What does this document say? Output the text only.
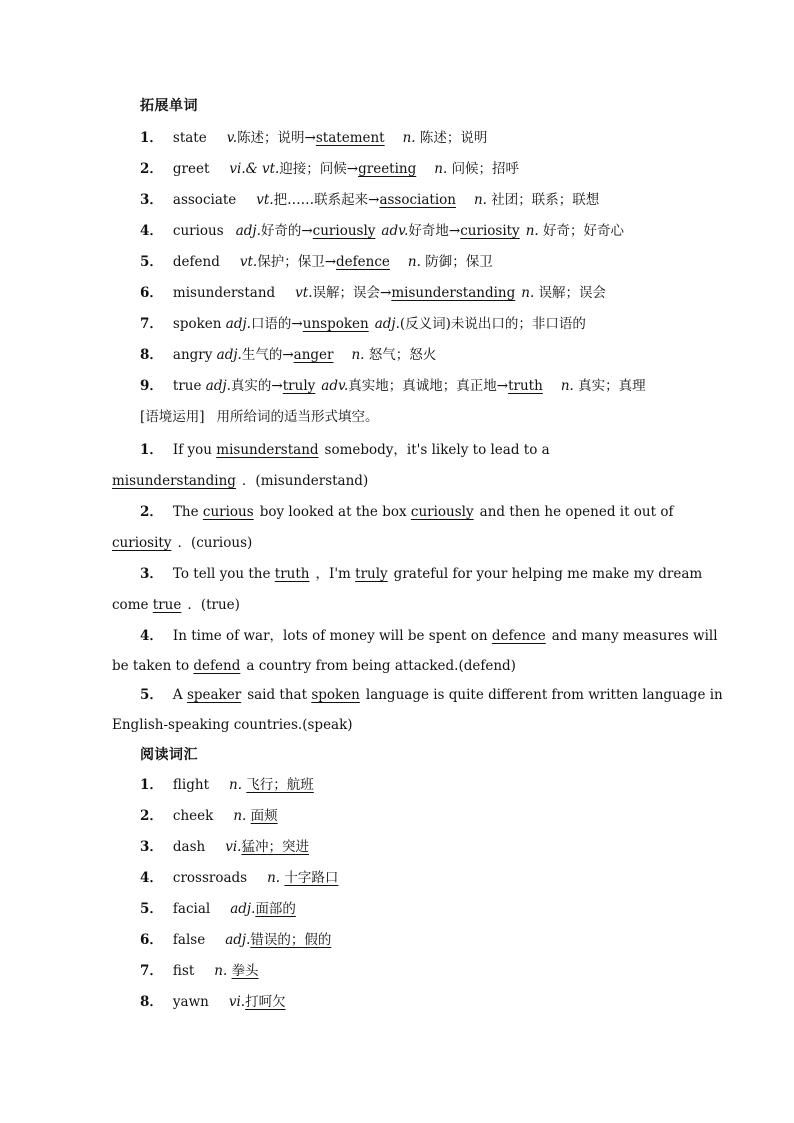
拓展单词
1． state v.陈述；说明→statement n. 陈述；说明
2． greet vi.& vt.迎接；问候→greeting n. 问候；招呼
3． associate vt.把……联系起来→association n. 社团；联系；联想
4． curious adj.好奇的→curiously adv.好奇地→curiosity n. 好奇；好奇心
5． defend vt.保护；保卫→defence n. 防御；保卫
6． misunderstand vt.误解；误会→misunderstanding n. 误解；误会
7． spoken adj.口语的→unspoken adj.(反义词)未说出口的；非口语的
8． angry adj.生气的→anger n. 怒气；怒火
9． true adj.真实的→truly adv.真实地；真诚地；真正地→truth n. 真实；真理
[语境运用] 用所给词的适当形式填空。
1． If you misunderstand somebody，it's likely to lead to a
misunderstanding ．(misunderstand)
2． The curious boy looked at the box curiously and then he opened it out of
curiosity ．(curious)
3． To tell you the truth ，I'm truly grateful for your helping me make my dream
come true ．(true)
4． In time of war，lots of money will be spent on defence and many measures will
be taken to defend a country from being attacked.(defend)
5． A speaker said that spoken language is quite different from written language in
English-speaking countries.(speak)
阅读词汇
1． flight n. 飞行；航班
2． cheek n. 面颊
3． dash vi.猛冲；突进
4． crossroads n. 十字路口
5． facial adj.面部的
6． false adj.错误的；假的
7． fist n. 拳头
8． yawn vi.打呵欠
